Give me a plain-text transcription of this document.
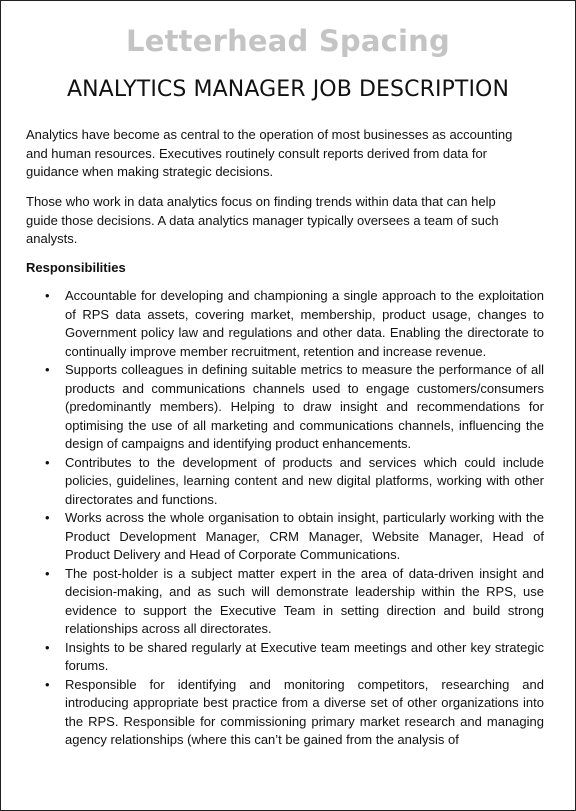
Letterhead Spacing
ANALYTICS MANAGER JOB DESCRIPTION
Analytics have become as central to the operation of most businesses as accounting and human resources. Executives routinely consult reports derived from data for guidance when making strategic decisions.
Those who work in data analytics focus on finding trends within data that can help guide those decisions. A data analytics manager typically oversees a team of such analysts.
Responsibilities
• Accountable for developing and championing a single approach to the exploitation of RPS data assets, covering market, membership, product usage, changes to Government policy law and regulations and other data. Enabling the directorate to continually improve member recruitment, retention and increase revenue.
• Supports colleagues in defining suitable metrics to measure the performance of all products and communications channels used to engage customers/consumers (predominantly members). Helping to draw insight and recommendations for optimising the use of all marketing and communications channels, influencing the design of campaigns and identifying product enhancements.
• Contributes to the development of products and services which could include policies, guidelines, learning content and new digital platforms, working with other directorates and functions.
• Works across the whole organisation to obtain insight, particularly working with the Product Development Manager, CRM Manager, Website Manager, Head of Product Delivery and Head of Corporate Communications.
• The post-holder is a subject matter expert in the area of data-driven insight and decision-making, and as such will demonstrate leadership within the RPS, use evidence to support the Executive Team in setting direction and build strong relationships across all directorates.
• Insights to be shared regularly at Executive team meetings and other key strategic forums.
• Responsible for identifying and monitoring competitors, researching and introducing appropriate best practice from a diverse set of other organizations into the RPS. Responsible for commissioning primary market research and managing agency relationships (where this can’t be gained from the analysis of
